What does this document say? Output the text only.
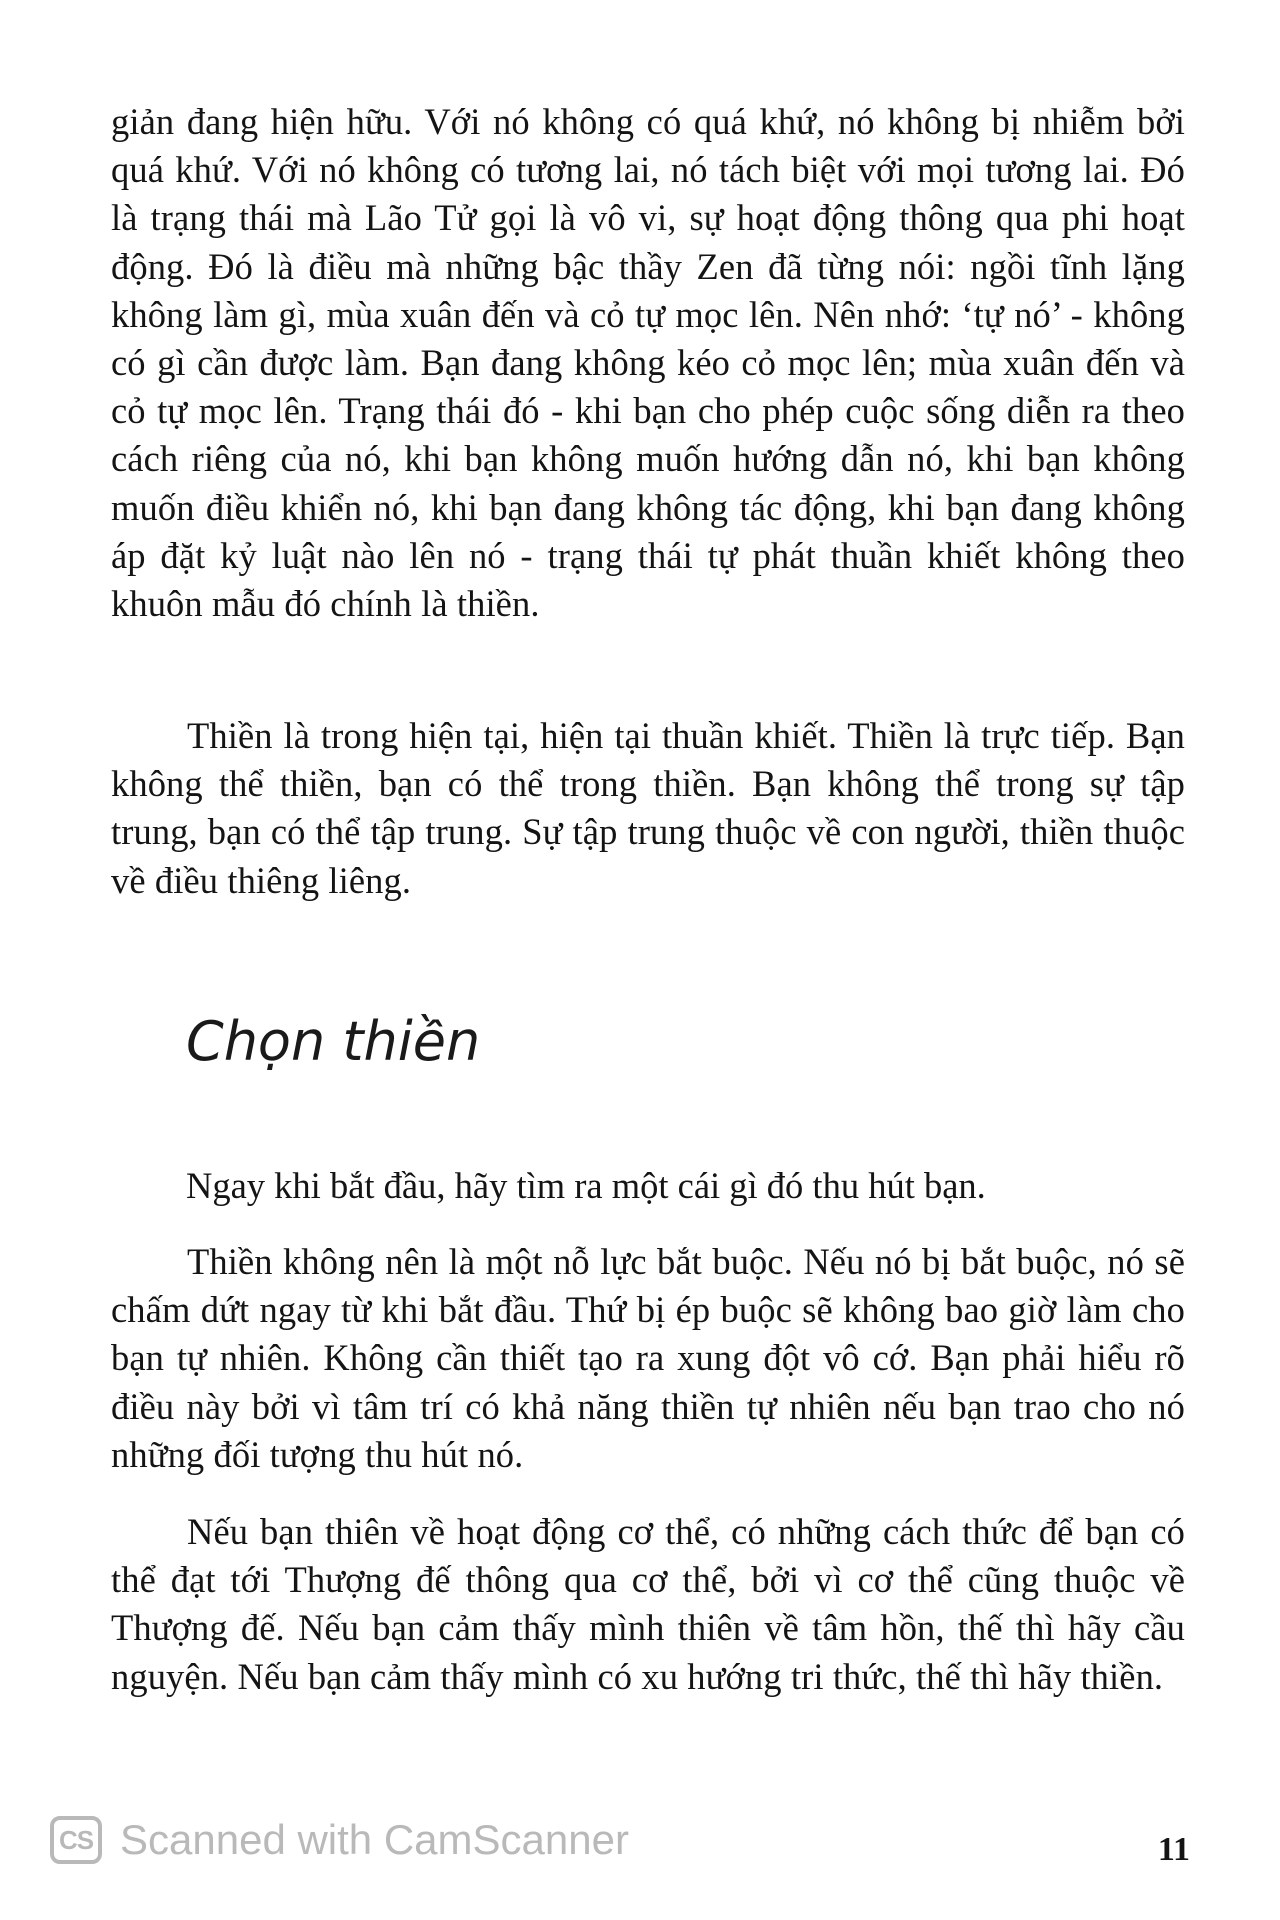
giản đang hiện hữu. Với nó không có quá khứ, nó không bị nhiễm bởi quá khứ. Với nó không có tương lai, nó tách biệt với mọi tương lai. Đó là trạng thái mà Lão Tử gọi là vô vi, sự hoạt động thông qua phi hoạt động. Đó là điều mà những bậc thầy Zen đã từng nói: ngồi tĩnh lặng không làm gì, mùa xuân đến và cỏ tự mọc lên. Nên nhớ: ‘tự nó’ - không có gì cần được làm. Bạn đang không kéo cỏ mọc lên; mùa xuân đến và cỏ tự mọc lên. Trạng thái đó - khi bạn cho phép cuộc sống diễn ra theo cách riêng của nó, khi bạn không muốn hướng dẫn nó, khi bạn không muốn điều khiển nó, khi bạn đang không tác động, khi bạn đang không áp đặt kỷ luật nào lên nó - trạng thái tự phát thuần khiết không theo khuôn mẫu đó chính là thiền.

Thiền là trong hiện tại, hiện tại thuần khiết. Thiền là trực tiếp. Bạn không thể thiền, bạn có thể trong thiền. Bạn không thể trong sự tập trung, bạn có thể tập trung. Sự tập trung thuộc về con người, thiền thuộc về điều thiêng liêng.

Chọn thiền

Ngay khi bắt đầu, hãy tìm ra một cái gì đó thu hút bạn.

Thiền không nên là một nỗ lực bắt buộc. Nếu nó bị bắt buộc, nó sẽ chấm dứt ngay từ khi bắt đầu. Thứ bị ép buộc sẽ không bao giờ làm cho bạn tự nhiên. Không cần thiết tạo ra xung đột vô cớ. Bạn phải hiểu rõ điều này bởi vì tâm trí có khả năng thiền tự nhiên nếu bạn trao cho nó những đối tượng thu hút nó.

Nếu bạn thiên về hoạt động cơ thể, có những cách thức để bạn có thể đạt tới Thượng đế thông qua cơ thể, bởi vì cơ thể cũng thuộc về Thượng đế. Nếu bạn cảm thấy mình thiên về tâm hồn, thế thì hãy cầu nguyện. Nếu bạn cảm thấy mình có xu hướng tri thức, thế thì hãy thiền.

CS Scanned with CamScanner	11
